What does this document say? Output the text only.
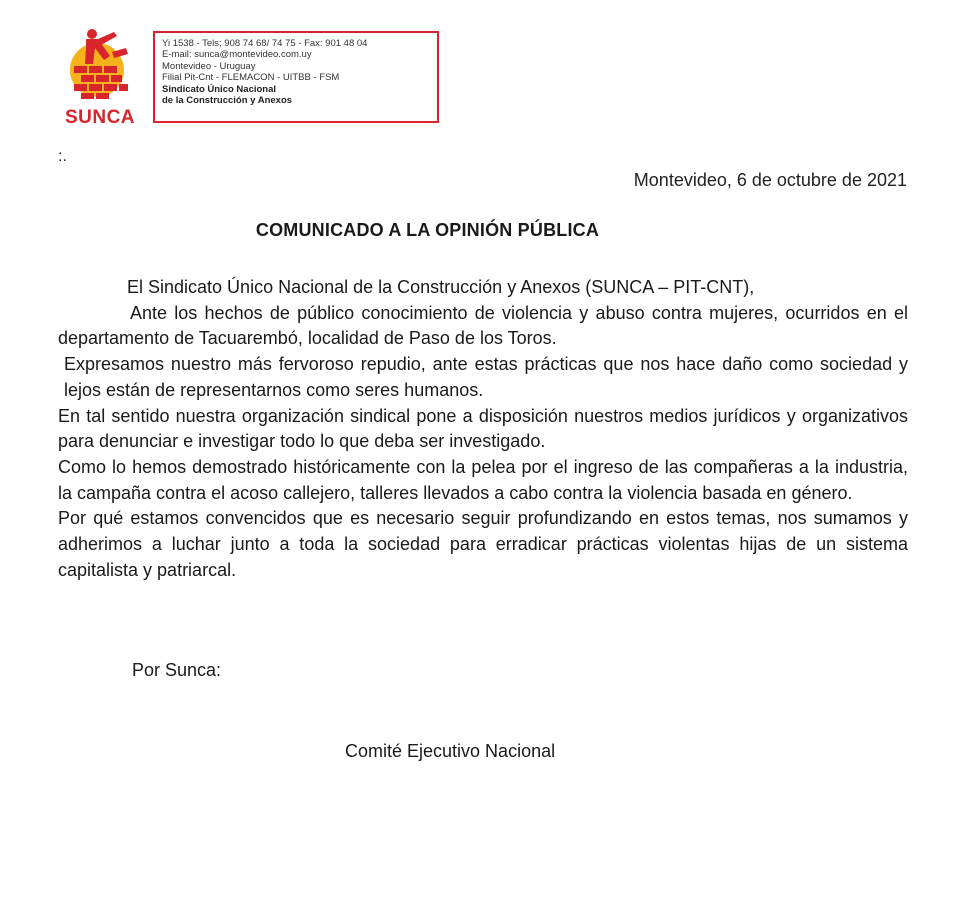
SUNCA
Yi 1538 - Tels; 908 74 68/ 74 75 - Fax: 901 48 04
E-mail: sunca@montevideo.com.uy
Montevideo - Uruguay
Filial Pit-Cnt - FLEMACON - UITBB - FSM
Sindicato Único Nacional
de la Construcción y Anexos
:.
Montevideo, 6 de octubre de 2021
COMUNICADO A LA OPINIÓN PÚBLICA

El Sindicato Único Nacional de la Construcción y Anexos (SUNCA – PIT-CNT),

Ante los hechos de público conocimiento de violencia y abuso contra mujeres, ocurridos en el departamento de Tacuarembó, localidad de Paso de los Toros.

Expresamos nuestro más fervoroso repudio, ante estas prácticas que nos hace daño como sociedad y lejos están de representarnos como seres humanos.

En tal sentido nuestra organización sindical pone a disposición nuestros medios jurídicos y organizativos para denunciar e investigar todo lo que deba ser investigado.

Como lo hemos demostrado históricamente con la pelea por el ingreso de las compañeras a la industria, la campaña contra el acoso callejero, talleres llevados a cabo contra la violencia basada en género.

Por qué estamos convencidos que es necesario seguir profundizando en estos temas, nos sumamos y adherimos a luchar junto a toda la sociedad para erradicar prácticas violentas hijas de un sistema capitalista y patriarcal.

Por Sunca:
Comité Ejecutivo Nacional
